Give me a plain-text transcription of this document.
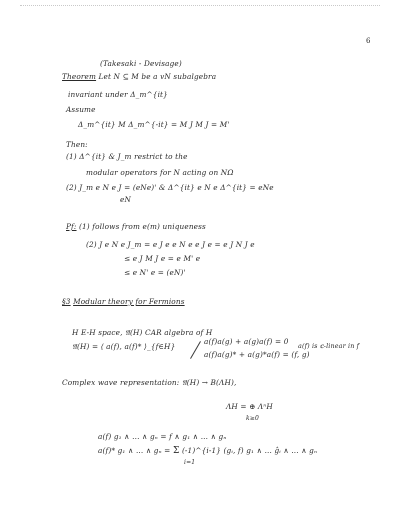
6
(Takesaki - Devisage)
Theorem Let N ⊆ M be a vN subalgebra
invariant under Δ_m^{it}
Assume
Δ_m^{it} M Δ_m^{-it} = M J M J = M'
Then:
(1) Δ^{it} & J_m restrict to the
modular operators for N acting on NΩ
(2) J_m e N e J = (eNe)' & Δ^{it} e N e Δ^{it} = eNe
eN
Pf: (1) follows from e(m) uniqueness
(2) J e N e J_m = e J e e N e e J e = e J N J e
≤ e J M J e = e M' e
≤ e N' e = (eN)'
§3 Modular theory for Fermions
H E-H space, 𝔄(H) CAR algebra of H
𝔄(H) = ⟨ a(f), a(f)* ⟩_{f∈H}
a(f)a(g) + a(g)a(f) = 0
a(f)a(g)* + a(g)*a(f) = (f, g)
a(f) is 𝕔-linear in f
Complex wave representation: 𝔄(H) → B(ΛH),
ΛH = ⊕ ΛⁿH
k≥0
a(f) g₁ ∧ ... ∧ gₙ = f ∧ g₁ ∧ ... ∧ gₙ
a(f)* g₁ ∧ ... ∧ gₙ = Σ (-1)^{i-1} (gᵢ, f) g₁ ∧ ... ĝᵢ ∧ ... ∧ gₙ
i=1
